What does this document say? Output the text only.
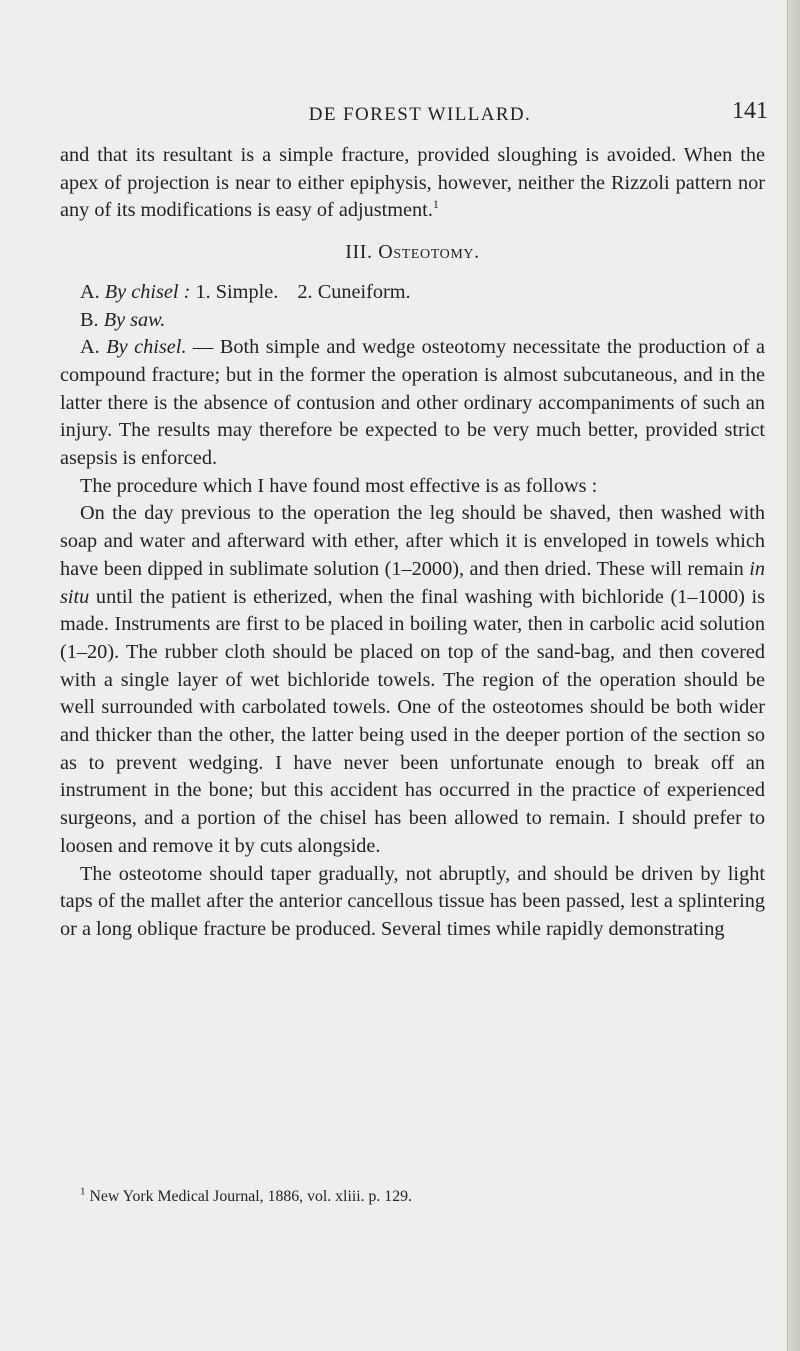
DE FOREST WILLARD.	141

and that its resultant is a simple fracture, provided sloughing is avoided. When the apex of projection is near to either epiphysis, however, neither the Rizzoli pattern nor any of its modifications is easy of adjustment.$^1$

III. Osteotomy.
A. By chisel : 1. Simple. 2. Cuneiform.
B. By saw.

A. By chisel. — Both simple and wedge osteotomy necessitate the production of a compound fracture; but in the former the operation is almost subcutaneous, and in the latter there is the absence of contusion and other ordinary accompaniments of such an injury. The results may therefore be expected to be very much better, provided strict asepsis is enforced.

The procedure which I have found most effective is as follows :

On the day previous to the operation the leg should be shaved, then washed with soap and water and afterward with ether, after which it is enveloped in towels which have been dipped in sublimate solution (1–2000), and then dried. These will remain in situ until the patient is etherized, when the final washing with bichloride (1–1000) is made. Instruments are first to be placed in boiling water, then in carbolic acid solution (1–20). The rubber cloth should be placed on top of the sand-bag, and then covered with a single layer of wet bichloride towels. The region of the operation should be well surrounded with carbolated towels. One of the osteotomes should be both wider and thicker than the other, the latter being used in the deeper portion of the section so as to prevent wedging. I have never been unfortunate enough to break off an instrument in the bone; but this accident has occurred in the practice of experienced surgeons, and a portion of the chisel has been allowed to remain. I should prefer to loosen and remove it by cuts alongside.

The osteotome should taper gradually, not abruptly, and should be driven by light taps of the mallet after the anterior cancellous tissue has been passed, lest a splintering or a long oblique fracture be produced. Several times while rapidly demonstrating

$^1$ New York Medical Journal, 1886, vol. xliii. p. 129.
